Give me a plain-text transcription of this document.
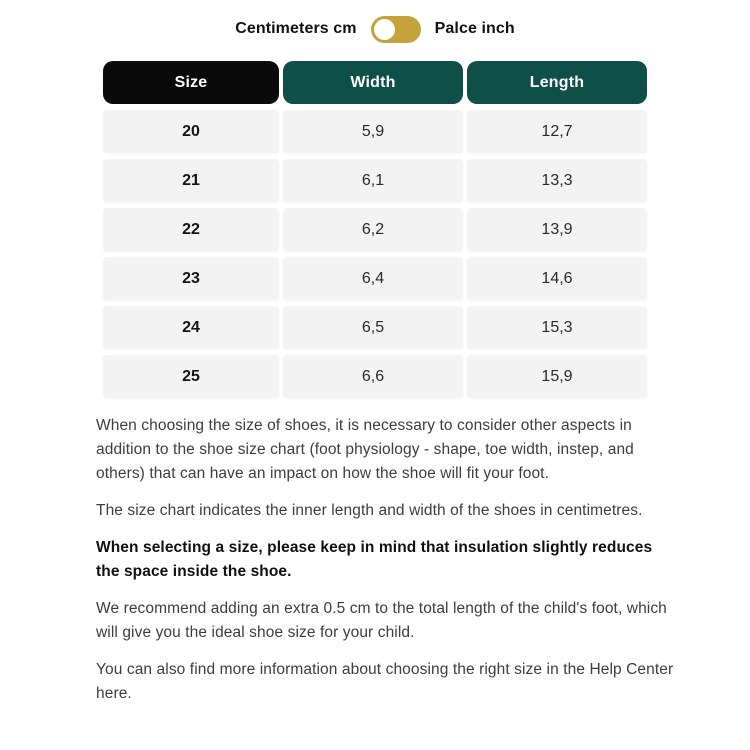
Centimeters cm	Palce inch
Size	Width	Length
20	5,9	12,7
21	6,1	13,3
22	6,2	13,9
23	6,4	14,6
24	6,5	15,3
25	6,6	15,9

When choosing the size of shoes, it is necessary to consider other aspects in addition to the shoe size chart (foot physiology - shape, toe width, instep, and others) that can have an impact on how the shoe will fit your foot.

The size chart indicates the inner length and width of the shoes in centimetres.

When selecting a size, please keep in mind that insulation slightly reduces the space inside the shoe.

We recommend adding an extra 0.5 cm to the total length of the child's foot, which will give you the ideal shoe size for your child.

You can also find more information about choosing the right size in the Help Center here.
